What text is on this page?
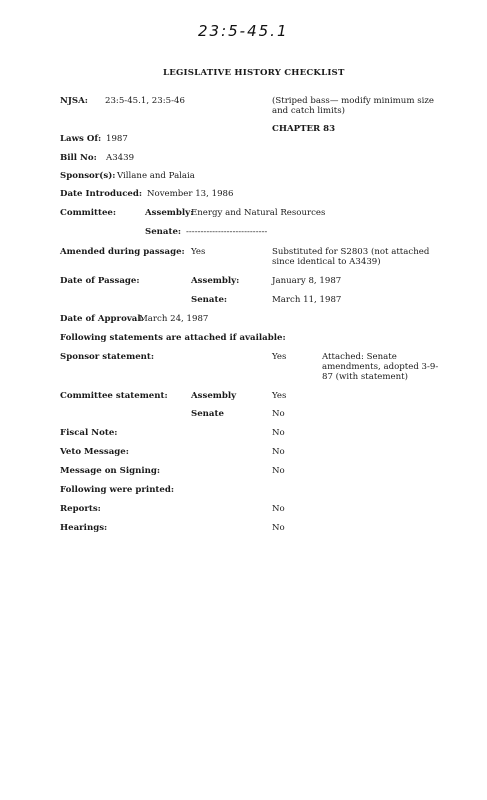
23:5-45.1
LEGISLATIVE HISTORY CHECKLIST
NJSA: 23:5-45.1, 23:5-46	(Striped bass— modify minimum size
and catch limits)
CHAPTER 83
Laws Of: 1987
Bill No: A3439
Sponsor(s): Villane and Palaia
Date Introduced: November 13, 1986
Committee:	Assembly:
Energy and Natural Resources
Senate: ----------------------------
Amended during passage: Yes	Substituted for S2803 (not attached
since identical to A3439)
Date of Passage:	Assembly:	January 8, 1987
Senate:	March 11, 1987
Date of Approval:
March 24, 1987
Following statements are attached if available:
Sponsor statement:	Yes	Attached: Senate
amendments, adopted 3-9-
87 (with statement)
Committee statement:	Assembly	Yes
Senate	No
Fiscal Note:	No
Veto Message:	No
Message on Signing:	No
Following were printed:
Reports:	No
Hearings:	No
